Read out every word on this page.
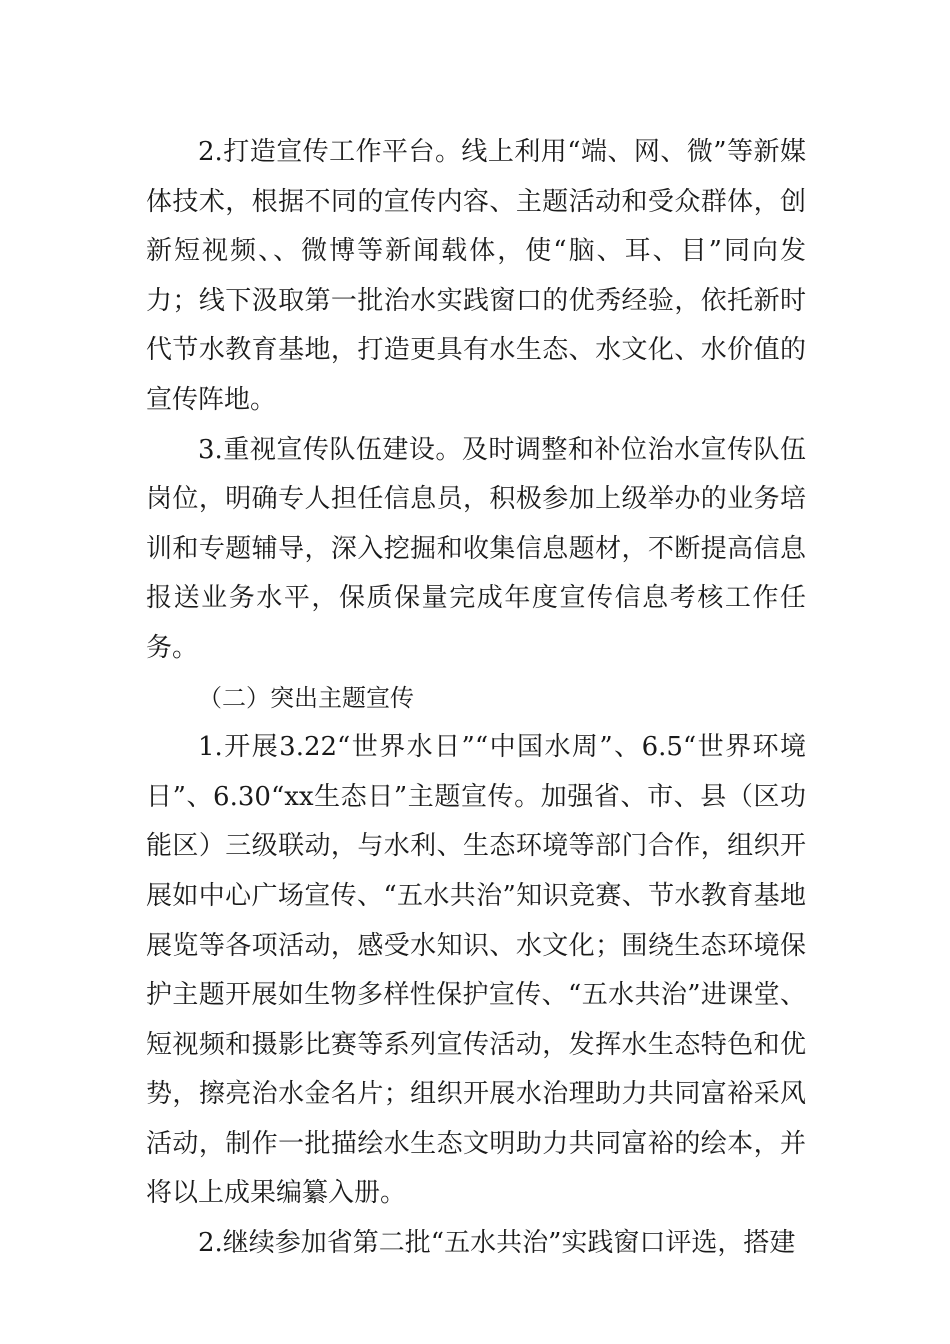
2.打造宣传工作平台。线上利用“端、网、微”等新媒体技术，根据不同的宣传内容、主题活动和受众群体，创新短视频、、微博等新闻载体，使“脑、耳、目”同向发力；线下汲取第一批治水实践窗口的优秀经验，依托新时代节水教育基地，打造更具有水生态、水文化、水价值的宣传阵地。

3.重视宣传队伍建设。及时调整和补位治水宣传队伍岗位，明确专人担任信息员，积极参加上级举办的业务培训和专题辅导，深入挖掘和收集信息题材，不断提高信息报送业务水平，保质保量完成年度宣传信息考核工作任务。

（二）突出主题宣传

1.开展3.22“世界水日”“中国水周”、6.5“世界环境日”、6.30“xx生态日”主题宣传。加强省、市、县（区功能区）三级联动，与水利、生态环境等部门合作，组织开展如中心广场宣传、“五水共治”知识竞赛、节水教育基地展览等各项活动，感受水知识、水文化；围绕生态环境保护主题开展如生物多样性保护宣传、“五水共治”进课堂、短视频和摄影比赛等系列宣传活动，发挥水生态特色和优势，擦亮治水金名片；组织开展水治理助力共同富裕采风活动，制作一批描绘水生态文明助力共同富裕的绘本，并将以上成果编纂入册。

2.继续参加省第二批“五水共治”实践窗口评选，搭建
